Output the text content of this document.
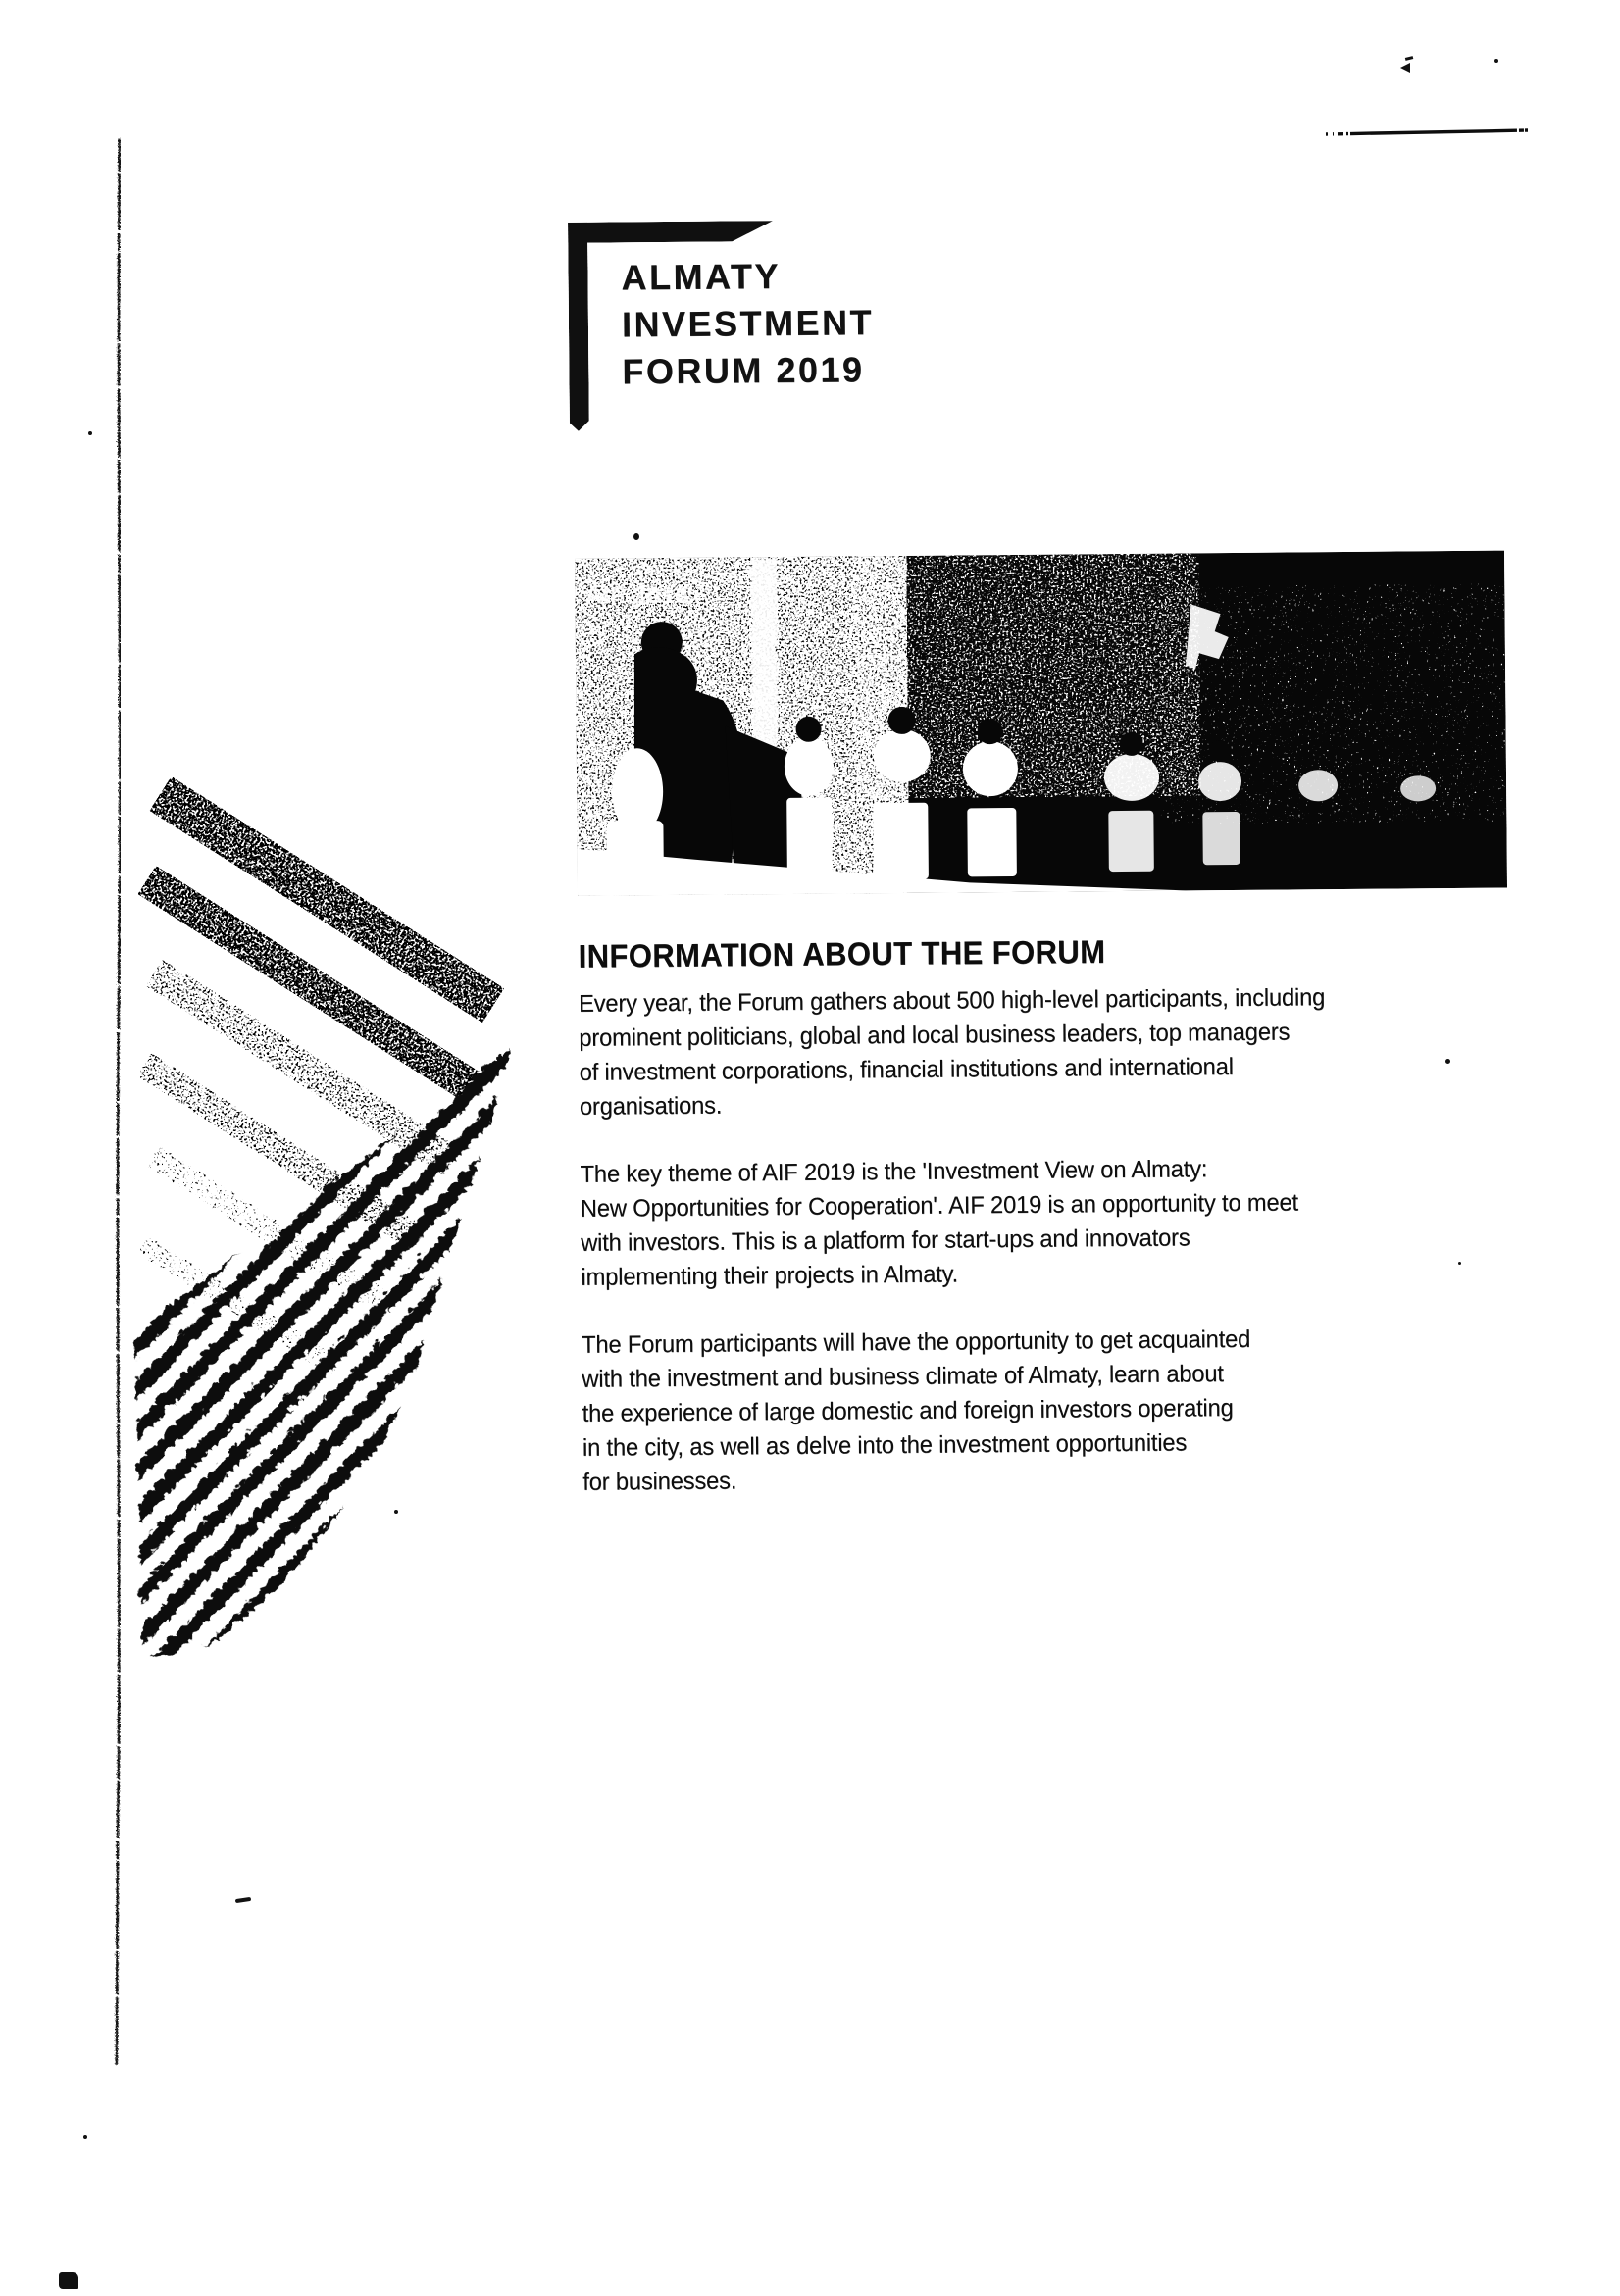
ALMATY
INVESTMENT
FORUM 2019
AIF 2016
INFORMATION ABOUT THE FORUM

Every year, the Forum gathers about 500 high-level participants, including
prominent politicians, global and local business leaders, top managers
of investment corporations, financial institutions and international
organisations.

The key theme of AIF 2019 is the 'Investment View on Almaty:
New Opportunities for Cooperation'. AIF 2019 is an opportunity to meet
with investors. This is a platform for start-ups and innovators
implementing their projects in Almaty.

The Forum participants will have the opportunity to get acquainted
with the investment and business climate of Almaty, learn about
the experience of large domestic and foreign investors operating
in the city, as well as delve into the investment opportunities
for businesses.
